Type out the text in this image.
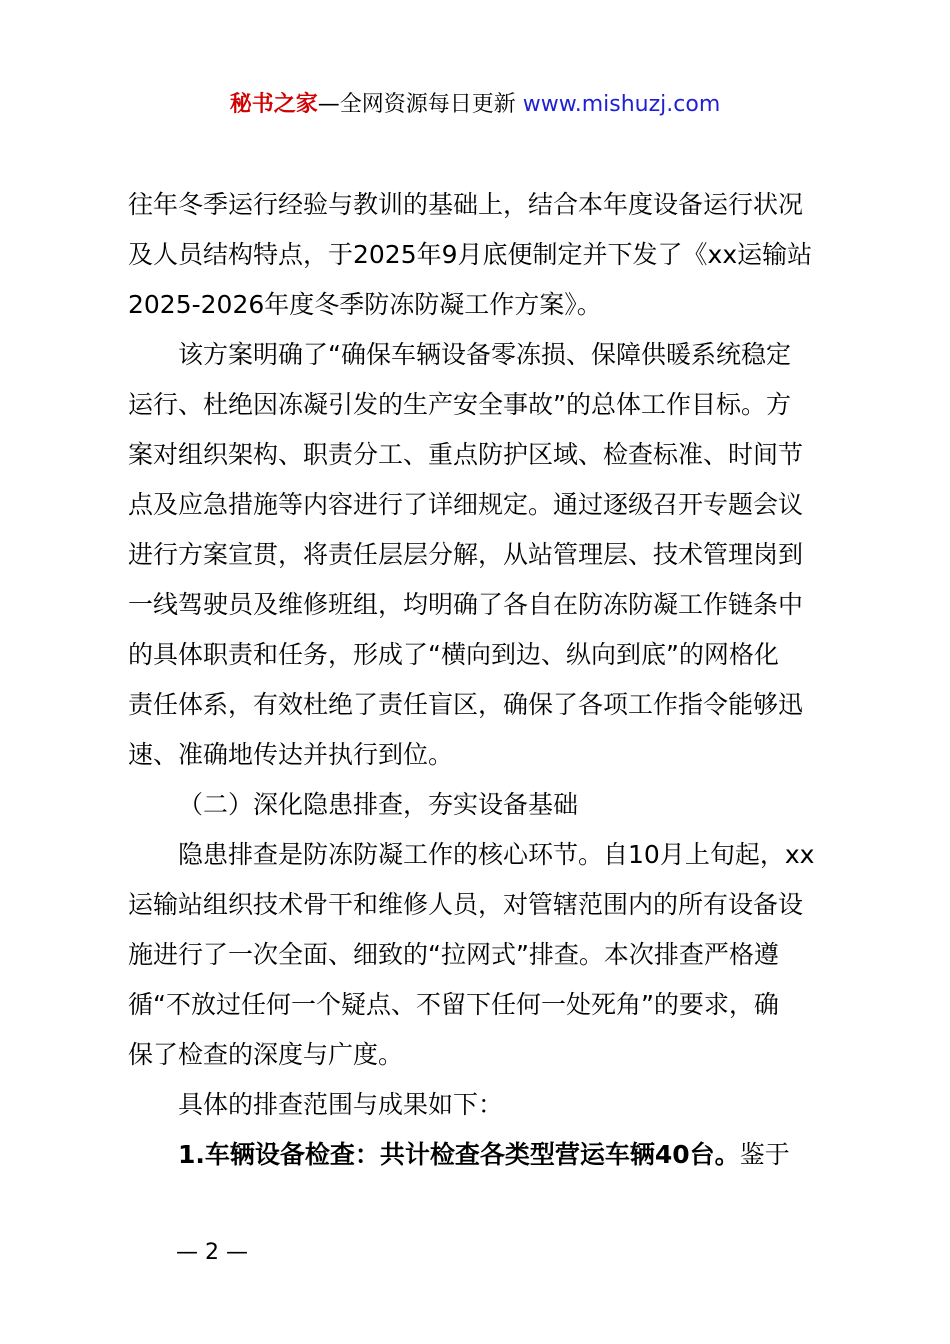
秘书之家—全网资源每日更新 www.mishuzj.com
往年冬季运行经验与教训的基础上，结合本年度设备运行状况
及人员结构特点，于2025年9月底便制定并下发了《xx运输站
2025-2026年度冬季防冻防凝工作方案》。
该方案明确了“确保车辆设备零冻损、保障供暖系统稳定
运行、杜绝因冻凝引发的生产安全事故”的总体工作目标。方
案对组织架构、职责分工、重点防护区域、检查标准、时间节
点及应急措施等内容进行了详细规定。通过逐级召开专题会议
进行方案宣贯，将责任层层分解，从站管理层、技术管理岗到
一线驾驶员及维修班组，均明确了各自在防冻防凝工作链条中
的具体职责和任务，形成了“横向到边、纵向到底”的网格化
责任体系，有效杜绝了责任盲区，确保了各项工作指令能够迅
速、准确地传达并执行到位。
（二）深化隐患排查，夯实设备基础
隐患排查是防冻防凝工作的核心环节。自10月上旬起，xx
运输站组织技术骨干和维修人员，对管辖范围内的所有设备设
施进行了一次全面、细致的“拉网式”排查。本次排查严格遵
循“不放过任何一个疑点、不留下任何一处死角”的要求，确
保了检查的深度与广度。
具体的排查范围与成果如下：
1.车辆设备检查：共计检查各类型营运车辆40台。鉴于
— 2 —
